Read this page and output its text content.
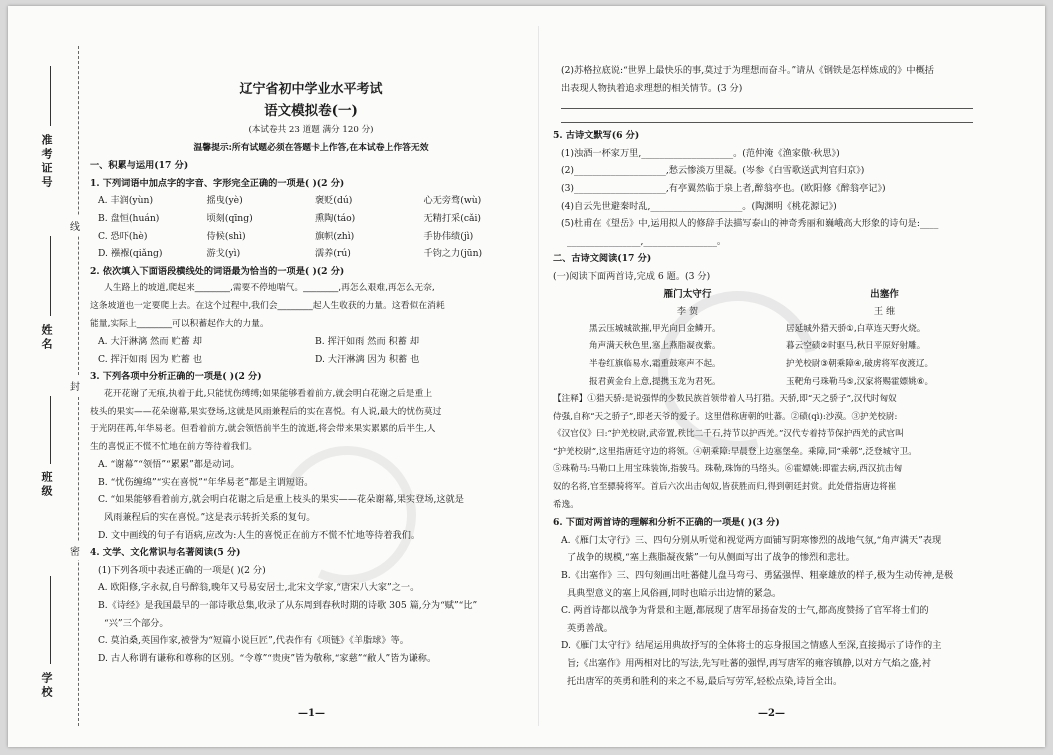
准考证号
姓名
班级
学校
线
封
密

辽宁省初中学业水平考试

语文模拟卷(一)

(本试卷共 23 道题 满分 120 分)

温馨提示:所有试题必须在答题卡上作答,在本试卷上作答无效

一、积累与运用(17 分)

1. 下列词语中加点字的字音、字形完全正确的一项是( )(2 分)

A. 丰润(yùn)	摇曳(yè)	褒贬(dú)	心无旁骛(wù)
B. 盘恒(huán)	顷刻(qīng)	熏陶(táo)	无精打采(cǎi)
C. 恐吓(hè)	侍候(shì)	旗帜(zhì)	手协伟绩(jì)
D. 襁褓(qiǎng)	游戈(yì)	濡养(rú)	千钧之力(jūn)

2. 依次填入下面语段横线处的词语最为恰当的一项是( )(2 分)

人生路上的坡道,爬起来________,需要不停地喘气。________,再怎么艰难,再怎么无奈,

这条坡道也一定要爬上去。在这个过程中,我们会________起人生收获的力量。这看似在消耗

能量,实际上________可以积蓄起作大的力量。

A. 大汗淋漓 然而 贮蓄 却	B. 挥汗如雨 然而 积蓄 却
C. 挥汗如雨 因为 贮蓄 也	D. 大汗淋漓 因为 积蓄 也

3. 下列各项中分析正确的一项是( )(2 分)

花开花谢了无痕,执着于此,只能忧伤缚缚;如果能够看着前方,就会明白花谢之后是重上

枝头的果实——花朵谢幕,果实登场,这就是风雨兼程后的实在喜悦。有人说,最大的忧伤莫过

于光阴荏苒,年华易老。但看着前方,就会领悟前半生的流逝,将会带来果实累累的后半生,人

生的喜悦正不慌不忙地在前方等待着我们。

A. “谢幕”“领悟”“累累”都是动词。

B. “忧伤缠绵”“实在喜悦”“年华易老”都是主谓短语。

C. “如果能够看着前方,就会明白花谢之后是重上枝头的果实——花朵谢幕,果实登场,这就是

风雨兼程后的实在喜悦。”这是表示转折关系的复句。

D. 文中画线的句子有语病,应改为:人生的喜悦正在前方不慌不忙地等待着我们。

4. 文学、文化常识与名著阅读(5 分)

(1)下列各项中表述正确的一项是( )(2 分)

A. 欧阳修,字永叔,自号醉翁,晚年又号易安居士,北宋文学家,“唐宋八大家”之一。

B.《诗经》是我国最早的一部诗歌总集,收录了从东周到春秋时期的诗歌 305 篇,分为“赋”“比”

“兴”三个部分。

C. 莫泊桑,英国作家,被誉为“短篇小说巨匠”,代表作有《项链》《羊脂球》等。

D. 古人称谓有谦称和尊称的区别。“令尊”“贵庚”皆为敬称,“家慈”“敝人”皆为谦称。

—1—

(2)苏格拉底说:“世界上最快乐的事,莫过于为理想而奋斗。”请从《钢铁是怎样炼成的》中概括

出表现人物执着追求理想的相关情节。(3 分)

5. 古诗文默写(6 分)

(1)浊酒一杯家万里,____________________。(范仲淹《渔家傲·秋思》)

(2)____________________,愁云惨淡万里凝。(岑参《白雪歌送武判官归京》)

(3)____________________,有亭翼然临于泉上者,醉翁亭也。(欧阳修《醉翁亭记》)

(4)自云先世避秦时乱,____________________。(陶渊明《桃花源记》)

(5)杜甫在《望岳》中,运用拟人的修辞手法描写泰山的神奇秀丽和巍峨高大形象的诗句是:____

________________,________________。

二、古诗文阅读(17 分)

(一)阅读下面两首诗,完成 6 题。(3 分)

雁门太守行	出塞作

李 贺	王 维

黑云压城城欲摧,甲光向日金鳞开。	居延城外猎天骄①,白草连天野火烧。

角声满天秋色里,塞上燕脂凝夜紫。	暮云空碛②时驱马,秋日平原好射雕。

半卷红旗临易水,霜重鼓寒声不起。	护羌校尉③朝乘障④,破虏将军夜渡辽。

报君黄金台上意,提携玉龙为君死。	玉靶角弓珠勒马⑤,汉家将赐霍嫖姚⑥。

【注释】①猎天骄:是说强悍的少数民族首领带着人马打猎。天骄,即“天之骄子”,汉代时匈奴

侍强,自称“天之骄子”,即老天爷的爱子。这里借称唐朝的吐蕃。②碛(qì):沙漠。③护羌校尉:

《汉官仪》曰:“护羌校尉,武帝置,秩比二千石,持节以护西羌。”汉代专着持节保护西羌的武官叫

“护羌校尉”,这里指唐廷守边的将领。④朝乘障:早晨登上边塞堡垒。乘障,同“乘鄣”,泛登城守卫。

⑤珠勒马:马勒口上用宝珠装饰,指骏马。珠勒,珠饰的马络头。⑥霍嫖姚:即霍去病,西汉抗击匈

奴的名将,官至骠骑将军。首后六次出击匈奴,皆获胜而归,得到朝廷封赏。此处借指唐边将崔

希逸。

6. 下面对两首诗的理解和分析不正确的一项是( )(3 分)

A.《雁门太守行》三、四句分别从听觉和视觉两方面铺写阴寒惨烈的战地气氛,“角声满天”表现

了战争的规模,“塞上燕脂凝夜紫”一句从侧面写出了战争的惨烈和悲壮。

B.《出塞作》三、四句刻画出吐蕃健儿盘马弯弓、勇猛强悍、粗豪雄放的样子,极为生动传神,是极

具典型意义的塞上风俗画,同时也暗示出边情的紧急。

C. 两首诗都以战争为背景和主题,都展现了唐军昂扬奋发的士气,都高度赞扬了官军将士们的

英勇善战。

D.《雁门太守行》结尾运用典故抒写的全体将士的忘身报国之情感人至深,直接揭示了诗作的主

旨;《出塞作》用两相对比的写法,先写吐蕃的强悍,再写唐军的雍容镇静,以对方气焰之盛,衬

托出唐军的英勇和胜利的来之不易,最后写劳军,轻松点染,诗旨全出。

—2—
